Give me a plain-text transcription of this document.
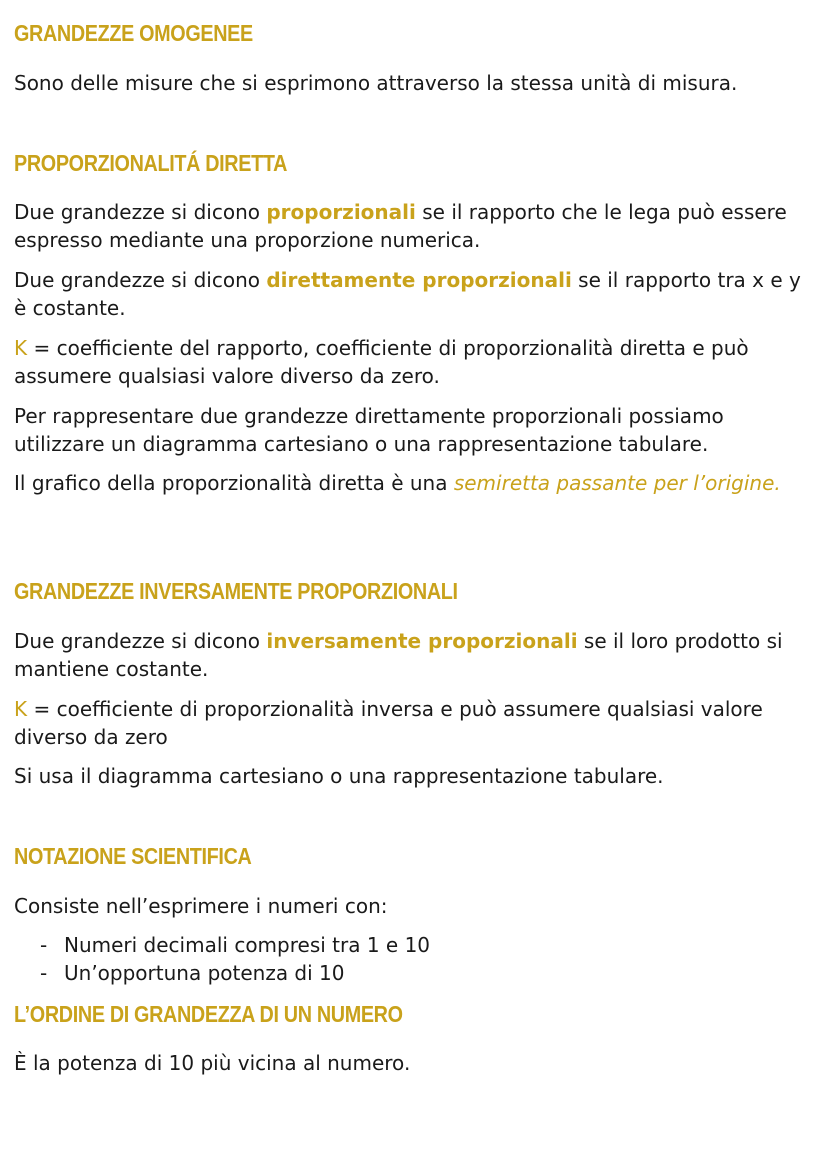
GRANDEZZE OMOGENEE

Sono delle misure che si esprimono attraverso la stessa unità di misura.

PROPORZIONALITÁ DIRETTA

Due grandezze si dicono proporzionali se il rapporto che le lega può essere espresso mediante una proporzione numerica.

Due grandezze si dicono direttamente proporzionali se il rapporto tra x e y è costante.

K = coefficiente del rapporto, coefficiente di proporzionalità diretta e può assumere qualsiasi valore diverso da zero.

Per rappresentare due grandezze direttamente proporzionali possiamo utilizzare un diagramma cartesiano o una rappresentazione tabulare.

Il grafico della proporzionalità diretta è una semiretta passante per l’origine.

GRANDEZZE INVERSAMENTE PROPORZIONALI

Due grandezze si dicono inversamente proporzionali se il loro prodotto si mantiene costante.

K = coefficiente di proporzionalità inversa e può assumere qualsiasi valore diverso da zero

Si usa il diagramma cartesiano o una rappresentazione tabulare.

NOTAZIONE SCIENTIFICA

Consiste nell’esprimere i numeri con:

- Numeri decimali compresi tra 1 e 10
- Un’opportuna potenza di 10
L’ORDINE DI GRANDEZZA DI UN NUMERO

È la potenza di 10 più vicina al numero.
